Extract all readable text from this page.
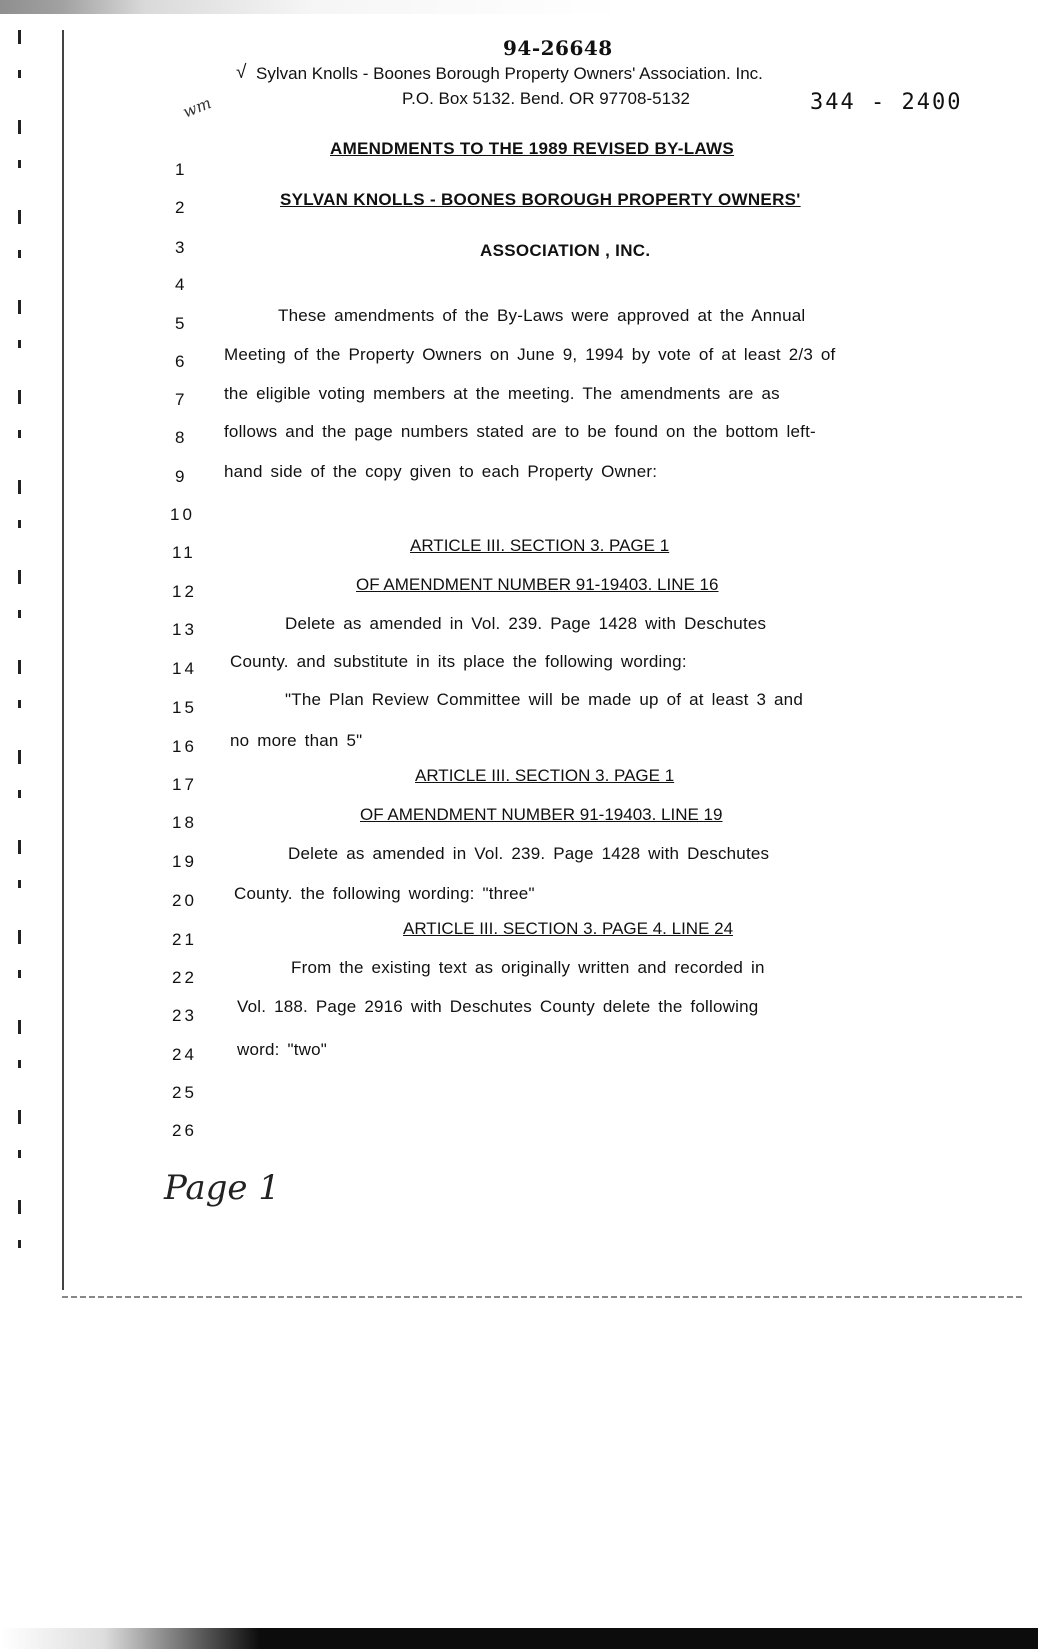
94-26648
√ Sylvan Knolls - Boones Borough Property Owners' Association. Inc.
P.O. Box 5132. Bend. OR 97708-5132	344 - 2400
wm
AMENDMENTS TO THE 1989 REVISED BY-LAWS
SYLVAN KNOLLS - BOONES BOROUGH PROPERTY OWNERS'
ASSOCIATION , INC.
1
2
3
4
5
6
7
8
9
10
11
12
13
14
15
16
17
18
19
20
21
22
23
24
25
26
These amendments of the By-Laws were approved at the Annual
Meeting of the Property Owners on June 9, 1994 by vote of at least 2/3 of
the eligible voting members at the meeting. The amendments are as
follows and the page numbers stated are to be found on the bottom left-
hand side of the copy given to each Property Owner:
ARTICLE III. SECTION 3. PAGE 1
OF AMENDMENT NUMBER 91-19403. LINE 16
Delete as amended in Vol. 239. Page 1428 with Deschutes
County. and substitute in its place the following wording:
"The Plan Review Committee will be made up of at least 3 and
no more than 5"
ARTICLE III. SECTION 3. PAGE 1
OF AMENDMENT NUMBER 91-19403. LINE 19
Delete as amended in Vol. 239. Page 1428 with Deschutes
County. the following wording: "three"
ARTICLE III. SECTION 3. PAGE 4. LINE 24
From the existing text as originally written and recorded in
Vol. 188. Page 2916 with Deschutes County delete the following
word: "two"
Page 1
